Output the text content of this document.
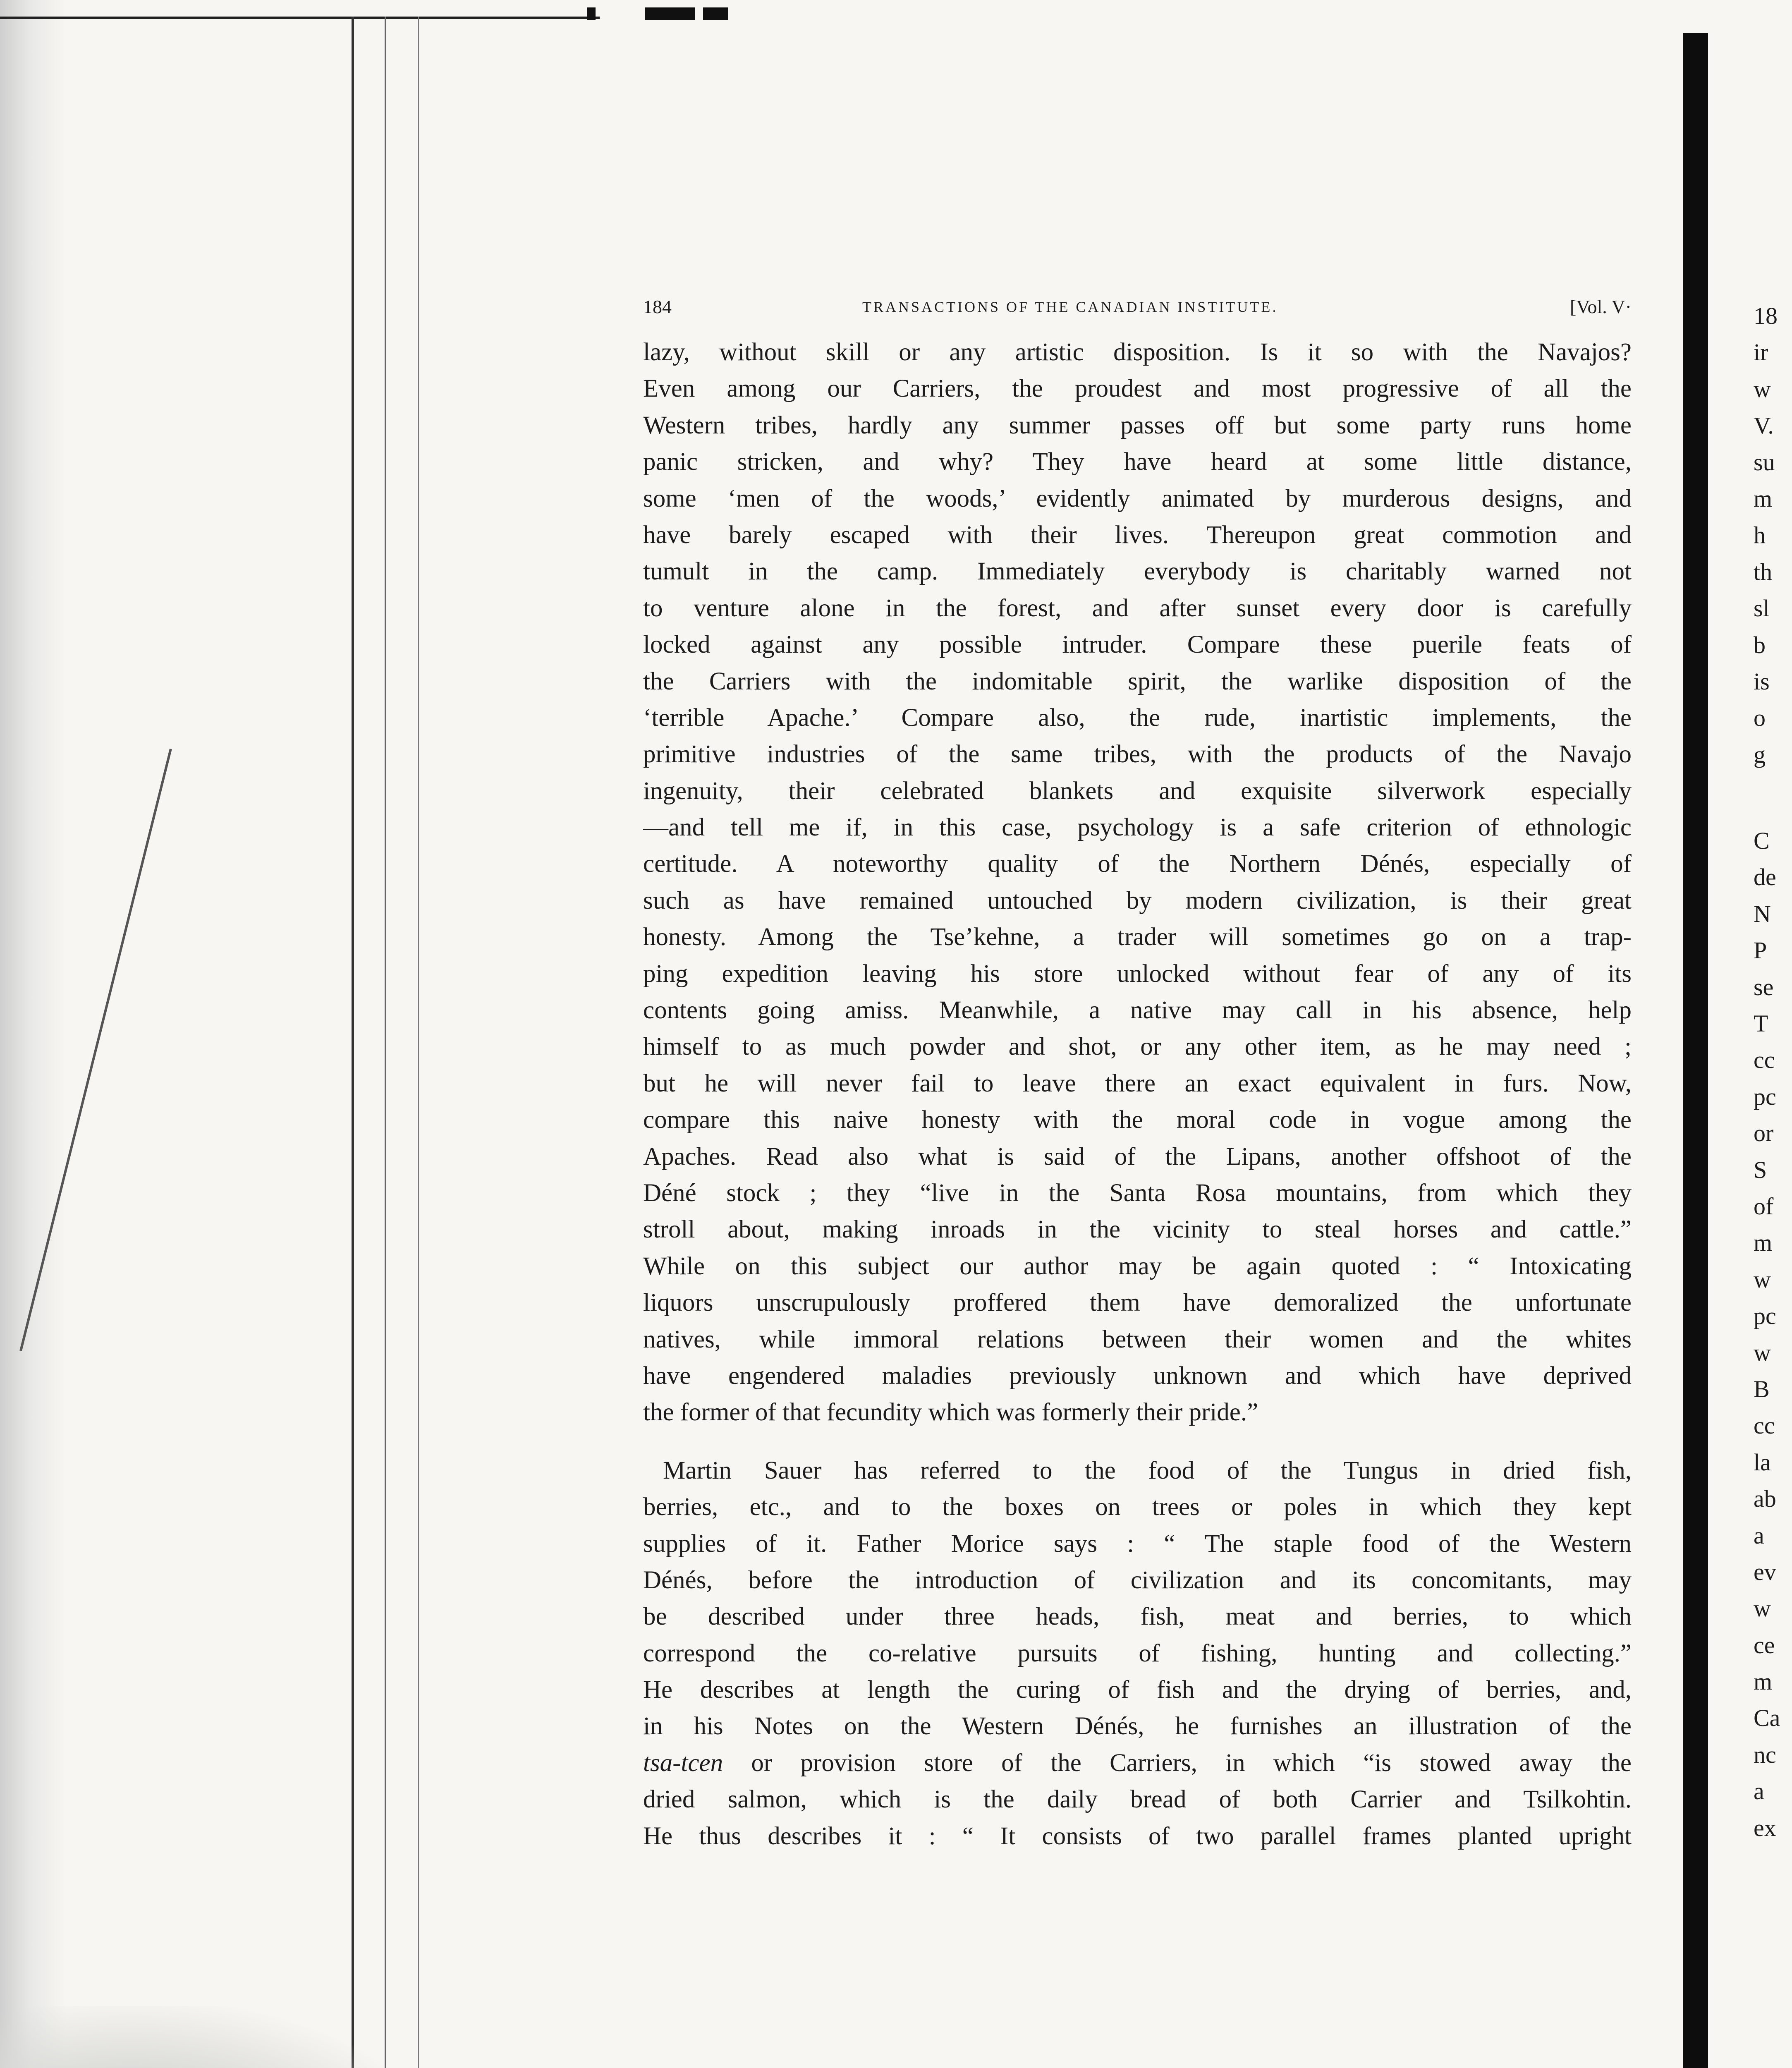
184	TRANSACTIONS OF THE CANADIAN INSTITUTE.	[Vol. V·
lazy, without skill or any artistic disposition. Is it so with the Navajos?
Even among our Carriers, the proudest and most progressive of all the
Western tribes, hardly any summer passes off but some party runs home
panic stricken, and why? They have heard at some little distance,
some ‘men of the woods,’ evidently animated by murderous designs, and
have barely escaped with their lives. Thereupon great commotion and
tumult in the camp. Immediately everybody is charitably warned not
to venture alone in the forest, and after sunset every door is carefully
locked against any possible intruder. Compare these puerile feats of
the Carriers with the indomitable spirit, the warlike disposition of the
‘terrible Apache.’ Compare also, the rude, inartistic implements, the
primitive industries of the same tribes, with the products of the Navajo
ingenuity, their celebrated blankets and exquisite silverwork especially
—and tell me if, in this case, psychology is a safe criterion of ethnologic
certitude. A noteworthy quality of the Northern Dénés, especially of
such as have remained untouched by modern civilization, is their great
honesty. Among the Tse’kehne, a trader will sometimes go on a trap-
ping expedition leaving his store unlocked without fear of any of its
contents going amiss. Meanwhile, a native may call in his absence, help
himself to as much powder and shot, or any other item, as he may need ;
but he will never fail to leave there an exact equivalent in furs. Now,
compare this naive honesty with the moral code in vogue among the
Apaches. Read also what is said of the Lipans, another offshoot of the
Déné stock ; they “live in the Santa Rosa mountains, from which they
stroll about, making inroads in the vicinity to steal horses and cattle.”
While on this subject our author may be again quoted : “ Intoxicating
liquors unscrupulously proffered them have demoralized the unfortunate
natives, while immoral relations between their women and the whites
have engendered maladies previously unknown and which have deprived
the former of that fecundity which was formerly their pride.”
Martin Sauer has referred to the food of the Tungus in dried fish,
berries, etc., and to the boxes on trees or poles in which they kept
supplies of it. Father Morice says : “ The staple food of the Western
Dénés, before the introduction of civilization and its concomitants, may
be described under three heads, fish, meat and berries, to which
correspond the co-relative pursuits of fishing, hunting and collecting.”
He describes at length the curing of fish and the drying of berries, and,
in his Notes on the Western Dénés, he furnishes an illustration of the
tsa-tcen or provision store of the Carriers, in which “is stowed away the
dried salmon, which is the daily bread of both Carrier and Tsilkohtin.
He thus describes it : “ It consists of two parallel frames planted upright
18
ir
w
V.
su
m
h
th
sl
b
is
o
g
C
de
N
P
se
T
cc
pc
or
S
of
m
w
pc
w
B
cc
la
ab
a
ev
w
ce
m
Ca
nc
a
ex
